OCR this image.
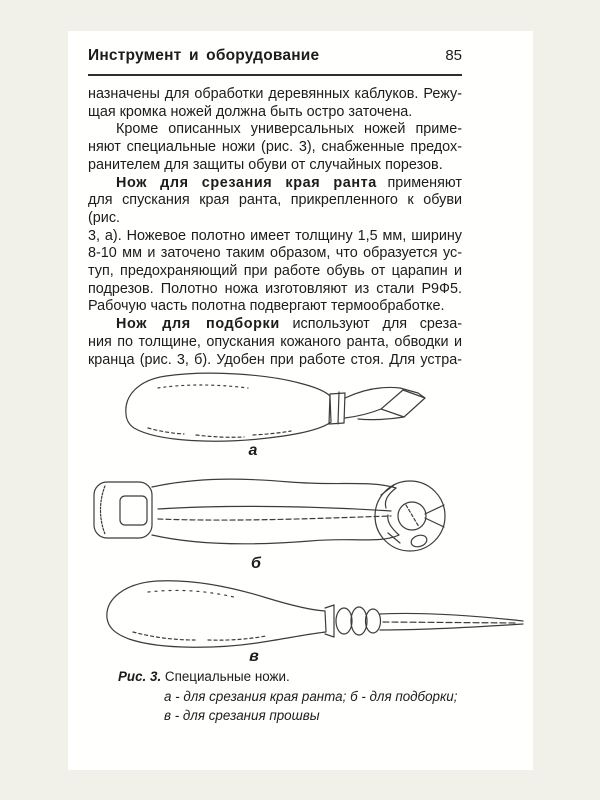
Инструмент и оборудование	85
назначены для обработки деревянных каблуков. Режу-
щая кромка ножей должна быть остро заточена.
Кроме описанных универсальных ножей приме-
няют специальные ножи (рис. 3), снабженные предох-
ранителем для защиты обуви от случайных порезов.
Нож для срезания края ранта применяют
для спускания края ранта, прикрепленного к обуви (рис.
3, а). Ножевое полотно имеет толщину 1,5 мм, ширину
8-10 мм и заточено таким образом, что образуется ус-
туп, предохраняющий при работе обувь от царапин и
подрезов. Полотно ножа изготовляют из стали Р9Ф5.
Рабочую часть полотна подвергают термообработке.
Нож для подборки используют для среза-
ния по толщине, опускания кожаного ранта, обводки и
кранца (рис. 3, б). Удобен при работе стоя. Для устра-
а
б
в
Рис. 3. Специальные ножи.
а - для срезания края ранта; б - для подборки;
в - для срезания прошвы
